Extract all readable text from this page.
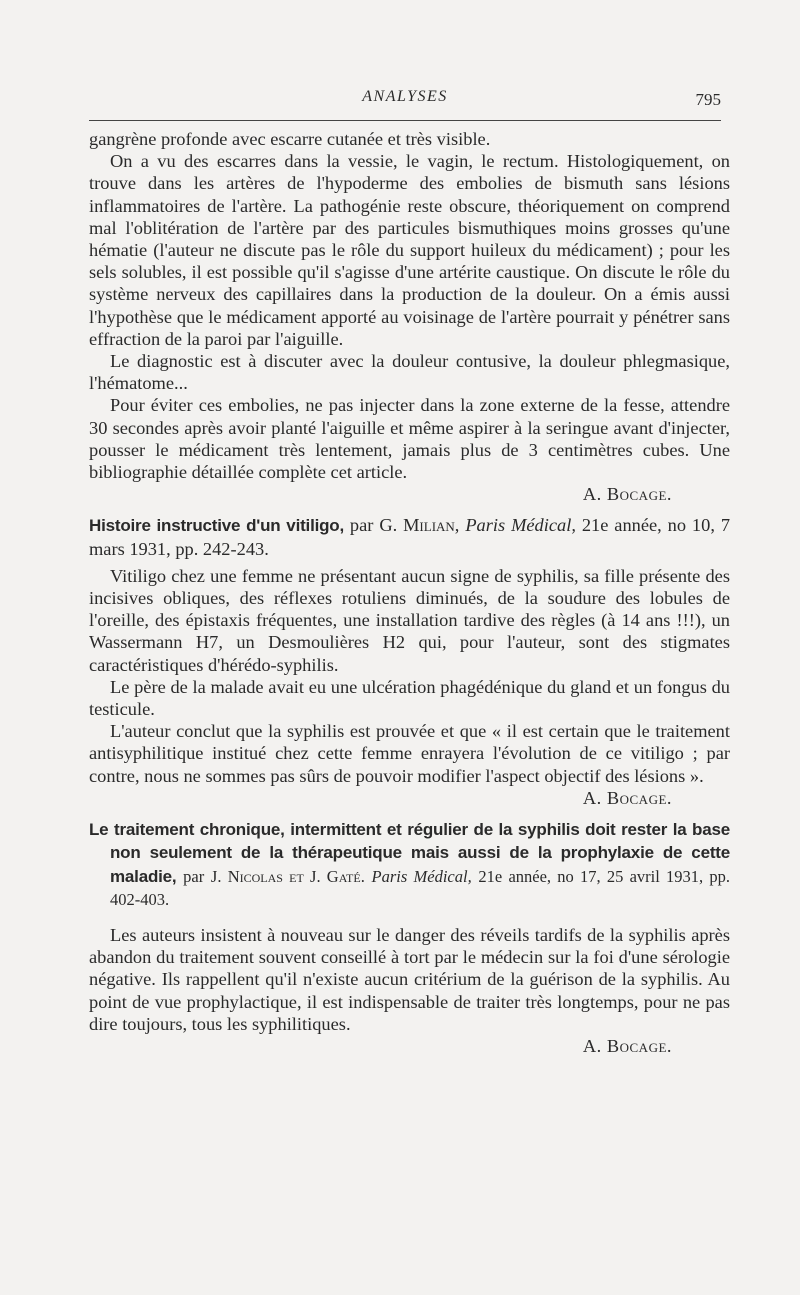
ANALYSES	795

gangrène profonde avec escarre cutanée et très visible.

On a vu des escarres dans la vessie, le vagin, le rectum. Histologiquement, on trouve dans les artères de l'hypoderme des embolies de bismuth sans lésions inflammatoires de l'artère. La pathogénie reste obscure, théoriquement on comprend mal l'oblitération de l'artère par des particules bismuthiques moins grosses qu'une hématie (l'auteur ne discute pas le rôle du support huileux du médicament) ; pour les sels solubles, il est possible qu'il s'agisse d'une artérite caustique. On discute le rôle du système nerveux des capillaires dans la production de la douleur. On a émis aussi l'hypothèse que le médicament apporté au voisinage de l'artère pourrait y pénétrer sans effraction de la paroi par l'aiguille.

Le diagnostic est à discuter avec la douleur contusive, la douleur phlegmasique, l'hématome...

Pour éviter ces embolies, ne pas injecter dans la zone externe de la fesse, attendre 30 secondes après avoir planté l'aiguille et même aspirer à la seringue avant d'injecter, pousser le médicament très lentement, jamais plus de 3 centimètres cubes. Une bibliographie détaillée complète cet article.

A. Bocage.

Histoire instructive d'un vitiligo, par G. Milian, Paris Médical, 21e année, no 10, 7 mars 1931, pp. 242-243.

Vitiligo chez une femme ne présentant aucun signe de syphilis, sa fille présente des incisives obliques, des réflexes rotuliens diminués, de la soudure des lobules de l'oreille, des épistaxis fréquentes, une installation tardive des règles (à 14 ans !!!), un Wassermann H7, un Desmoulières H2 qui, pour l'auteur, sont des stigmates caractéristiques d'hérédo-syphilis.

Le père de la malade avait eu une ulcération phagédénique du gland et un fongus du testicule.

L'auteur conclut que la syphilis est prouvée et que « il est certain que le traitement antisyphilitique institué chez cette femme enrayera l'évolution de ce vitiligo ; par contre, nous ne sommes pas sûrs de pouvoir modifier l'aspect objectif des lésions ».

A. Bocage.

Le traitement chronique, intermittent et régulier de la syphilis doit rester la base non seulement de la thérapeutique mais aussi de la prophylaxie de cette maladie, par J. Nicolas et J. Gaté. Paris Médical, 21e année, no 17, 25 avril 1931, pp. 402-403.

Les auteurs insistent à nouveau sur le danger des réveils tardifs de la syphilis après abandon du traitement souvent conseillé à tort par le médecin sur la foi d'une sérologie négative. Ils rappellent qu'il n'existe aucun critérium de la guérison de la syphilis. Au point de vue prophylactique, il est indispensable de traiter très longtemps, pour ne pas dire toujours, tous les syphilitiques.

A. Bocage.
